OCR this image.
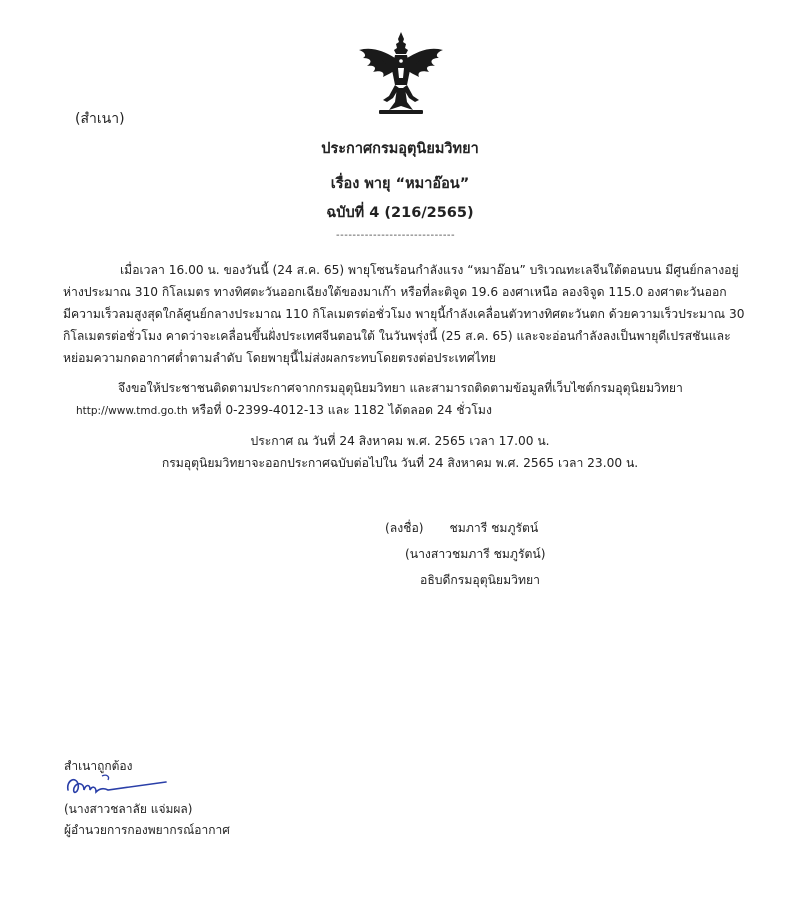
(สำเนา)
ประกาศกรมอุตุนิยมวิทยา
เรื่อง พายุ “หมาอ๊อน”
ฉบับที่ 4 (216/2565)
-----------------------------
เมื่อเวลา 16.00 น. ของวันนี้ (24 ส.ค. 65) พายุโซนร้อนกำลังแรง “หมาอ๊อน” บริเวณทะเลจีนใต้ตอนบน มีศูนย์กลางอยู่
ห่างประมาณ 310 กิโลเมตร ทางทิศตะวันออกเฉียงใต้ของมาเก๊า หรือที่ละติจูด 19.6 องศาเหนือ ลองจิจูด 115.0 องศาตะวันออก
มีความเร็วลมสูงสุดใกล้ศูนย์กลางประมาณ 110 กิโลเมตรต่อชั่วโมง พายุนี้กำลังเคลื่อนตัวทางทิศตะวันตก ด้วยความเร็วประมาณ 30
กิโลเมตรต่อชั่วโมง คาดว่าจะเคลื่อนขึ้นฝั่งประเทศจีนตอนใต้ ในวันพรุ่งนี้ (25 ส.ค. 65) และจะอ่อนกำลังลงเป็นพายุดีเปรสชันและ
หย่อมความกดอากาศต่ำตามลำดับ โดยพายุนี้ไม่ส่งผลกระทบโดยตรงต่อประเทศไทย
จึงขอให้ประชาชนติดตามประกาศจากกรมอุตุนิยมวิทยา และสามารถติดตามข้อมูลที่เว็บไซต์กรมอุตุนิยมวิทยา
http://www.tmd.go.th หรือที่ 0-2399-4012-13 และ 1182 ได้ตลอด 24 ชั่วโมง
ประกาศ ณ วันที่ 24 สิงหาคม พ.ศ. 2565 เวลา 17.00 น.
กรมอุตุนิยมวิทยาจะออกประกาศฉบับต่อไปใน วันที่ 24 สิงหาคม พ.ศ. 2565 เวลา 23.00 น.
(ลงชื่อ) ชมภารี ชมภูรัตน์
(นางสาวชมภารี ชมภูรัตน์)
อธิบดีกรมอุตุนิยมวิทยา
สำเนาถูกต้อง
(นางสาวชลาลัย แจ่มผล)
ผู้อำนวยการกองพยากรณ์อากาศ
